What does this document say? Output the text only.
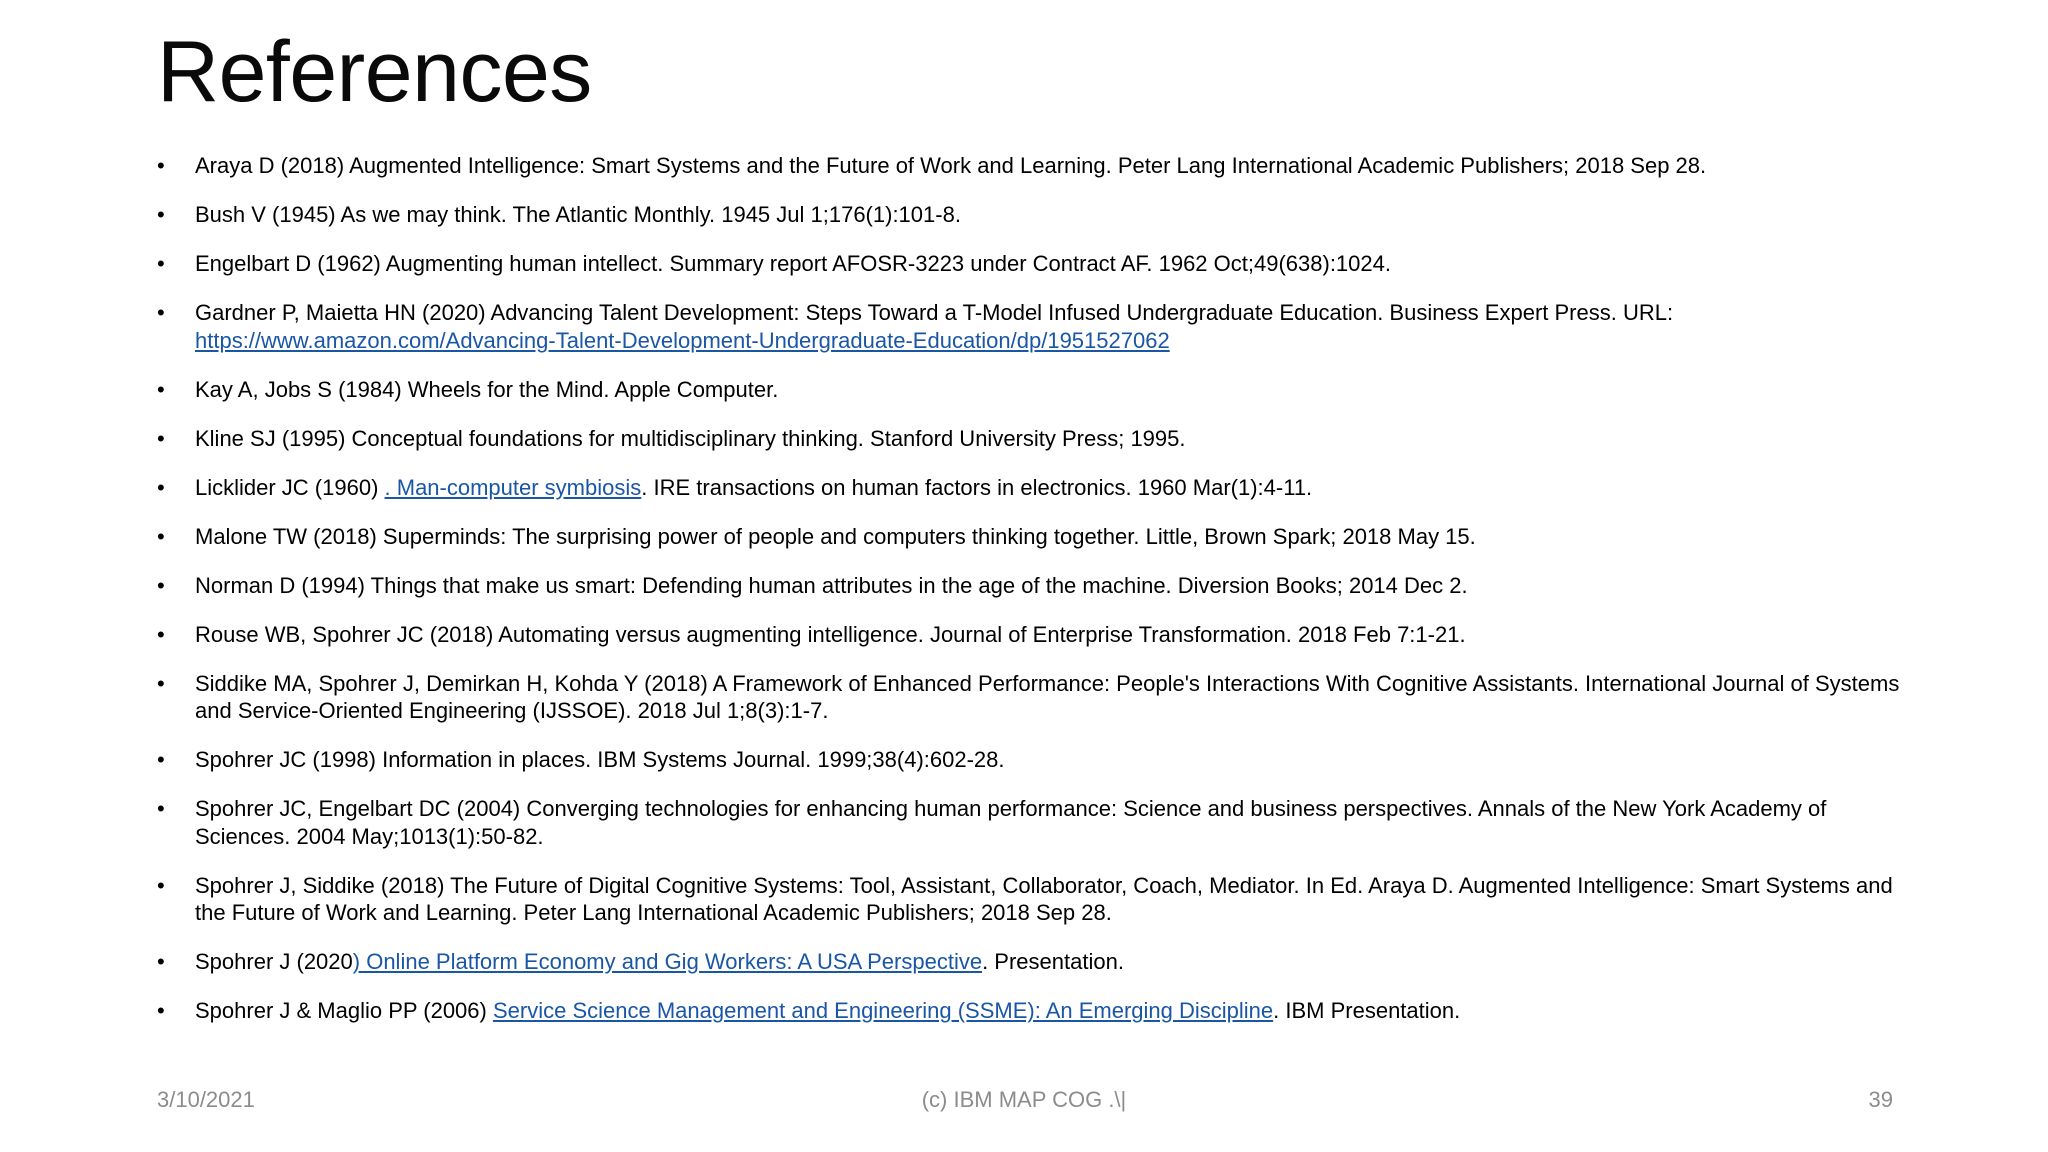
References
• Araya D (2018) Augmented Intelligence: Smart Systems and the Future of Work and Learning. Peter Lang International Academic Publishers; 2018 Sep 28.
• Bush V (1945) As we may think. The Atlantic Monthly. 1945 Jul 1;176(1):101-8.
• Engelbart D (1962) Augmenting human intellect. Summary report AFOSR-3223 under Contract AF. 1962 Oct;49(638):1024.
• Gardner P, Maietta HN (2020) Advancing Talent Development: Steps Toward a T-Model Infused Undergraduate Education. Business Expert Press. URL: https://www.amazon.com/Advancing-Talent-Development-Undergraduate-Education/dp/1951527062
• Kay A, Jobs S (1984) Wheels for the Mind. Apple Computer.
• Kline SJ (1995) Conceptual foundations for multidisciplinary thinking. Stanford University Press; 1995.
• Licklider JC (1960) . Man-computer symbiosis. IRE transactions on human factors in electronics. 1960 Mar(1):4-11.
• Malone TW (2018) Superminds: The surprising power of people and computers thinking together. Little, Brown Spark; 2018 May 15.
• Norman D (1994) Things that make us smart: Defending human attributes in the age of the machine. Diversion Books; 2014 Dec 2.
• Rouse WB, Spohrer JC (2018) Automating versus augmenting intelligence. Journal of Enterprise Transformation. 2018 Feb 7:1-21.
• Siddike MA, Spohrer J, Demirkan H, Kohda Y (2018) A Framework of Enhanced Performance: People's Interactions With Cognitive Assistants. International Journal of Systems and Service-Oriented Engineering (IJSSOE). 2018 Jul 1;8(3):1-7.
• Spohrer JC (1998) Information in places. IBM Systems Journal. 1999;38(4):602-28.
• Spohrer JC, Engelbart DC (2004) Converging technologies for enhancing human performance: Science and business perspectives. Annals of the New York Academy of Sciences. 2004 May;1013(1):50-82.
• Spohrer J, Siddike (2018) The Future of Digital Cognitive Systems: Tool, Assistant, Collaborator, Coach, Mediator. In Ed. Araya D. Augmented Intelligence: Smart Systems and the Future of Work and Learning. Peter Lang International Academic Publishers; 2018 Sep 28.
• Spohrer J (2020) Online Platform Economy and Gig Workers: A USA Perspective. Presentation.
• Spohrer J & Maglio PP (2006) Service Science Management and Engineering (SSME): An Emerging Discipline. IBM Presentation.
3/10/2021	(c) IBM MAP COG .\|	39
